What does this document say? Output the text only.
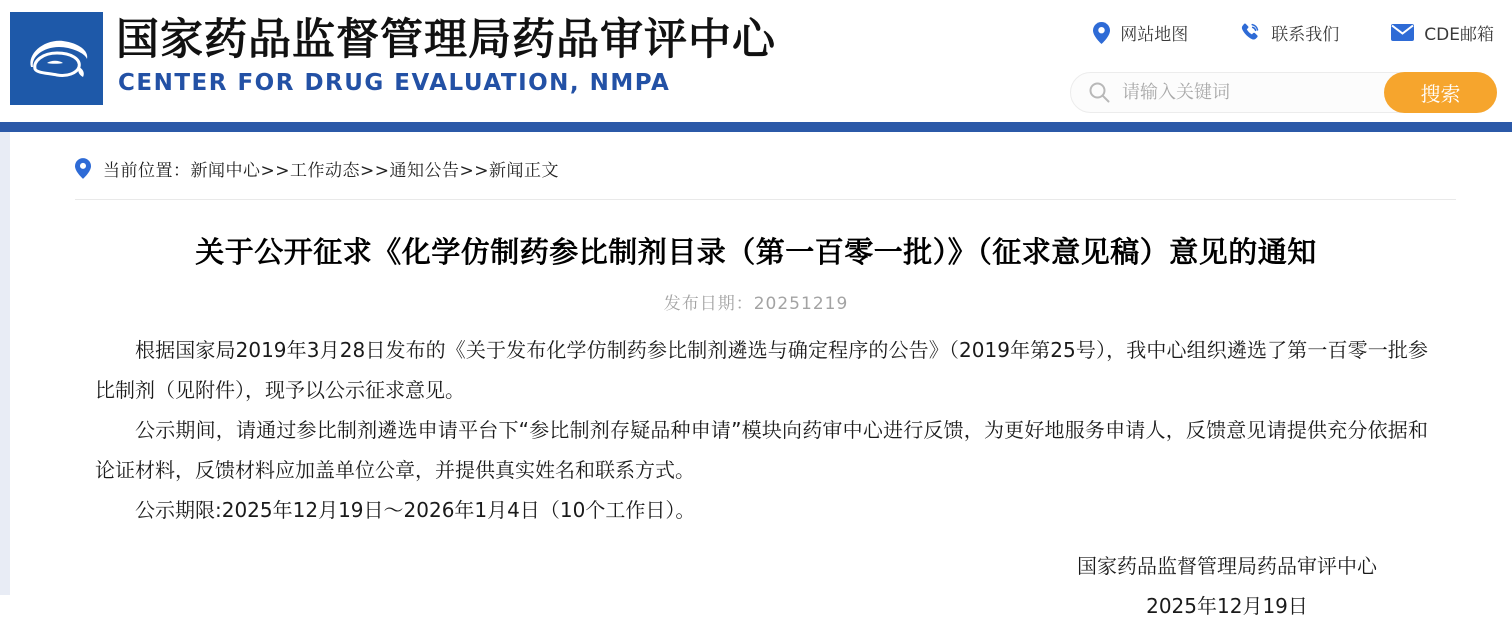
国家药品监督管理局药品审评中心
CENTER FOR DRUG EVALUATION, NMPA
网站地图	联系我们	CDE邮箱
请输入关键词
搜索
当前位置：新闻中心>>工作动态>>通知公告>>新闻正文
关于公开征求《化学仿制药参比制剂目录（第一百零一批）》（征求意见稿）意见的通知
发布日期：20251219

根据国家局2019年3月28日发布的《关于发布化学仿制药参比制剂遴选与确定程序的公告》（2019年第25号），我中心组织遴选了第一百零一批参比制剂（见附件），现予以公示征求意见。

公示期间，请通过参比制剂遴选申请平台下“参比制剂存疑品种申请”模块向药审中心进行反馈，为更好地服务申请人，反馈意见请提供充分依据和论证材料，反馈材料应加盖单位公章，并提供真实姓名和联系方式。

公示期限:2025年12月19日～2026年1月4日（10个工作日）。

国家药品监督管理局药品审评中心
2025年12月19日
